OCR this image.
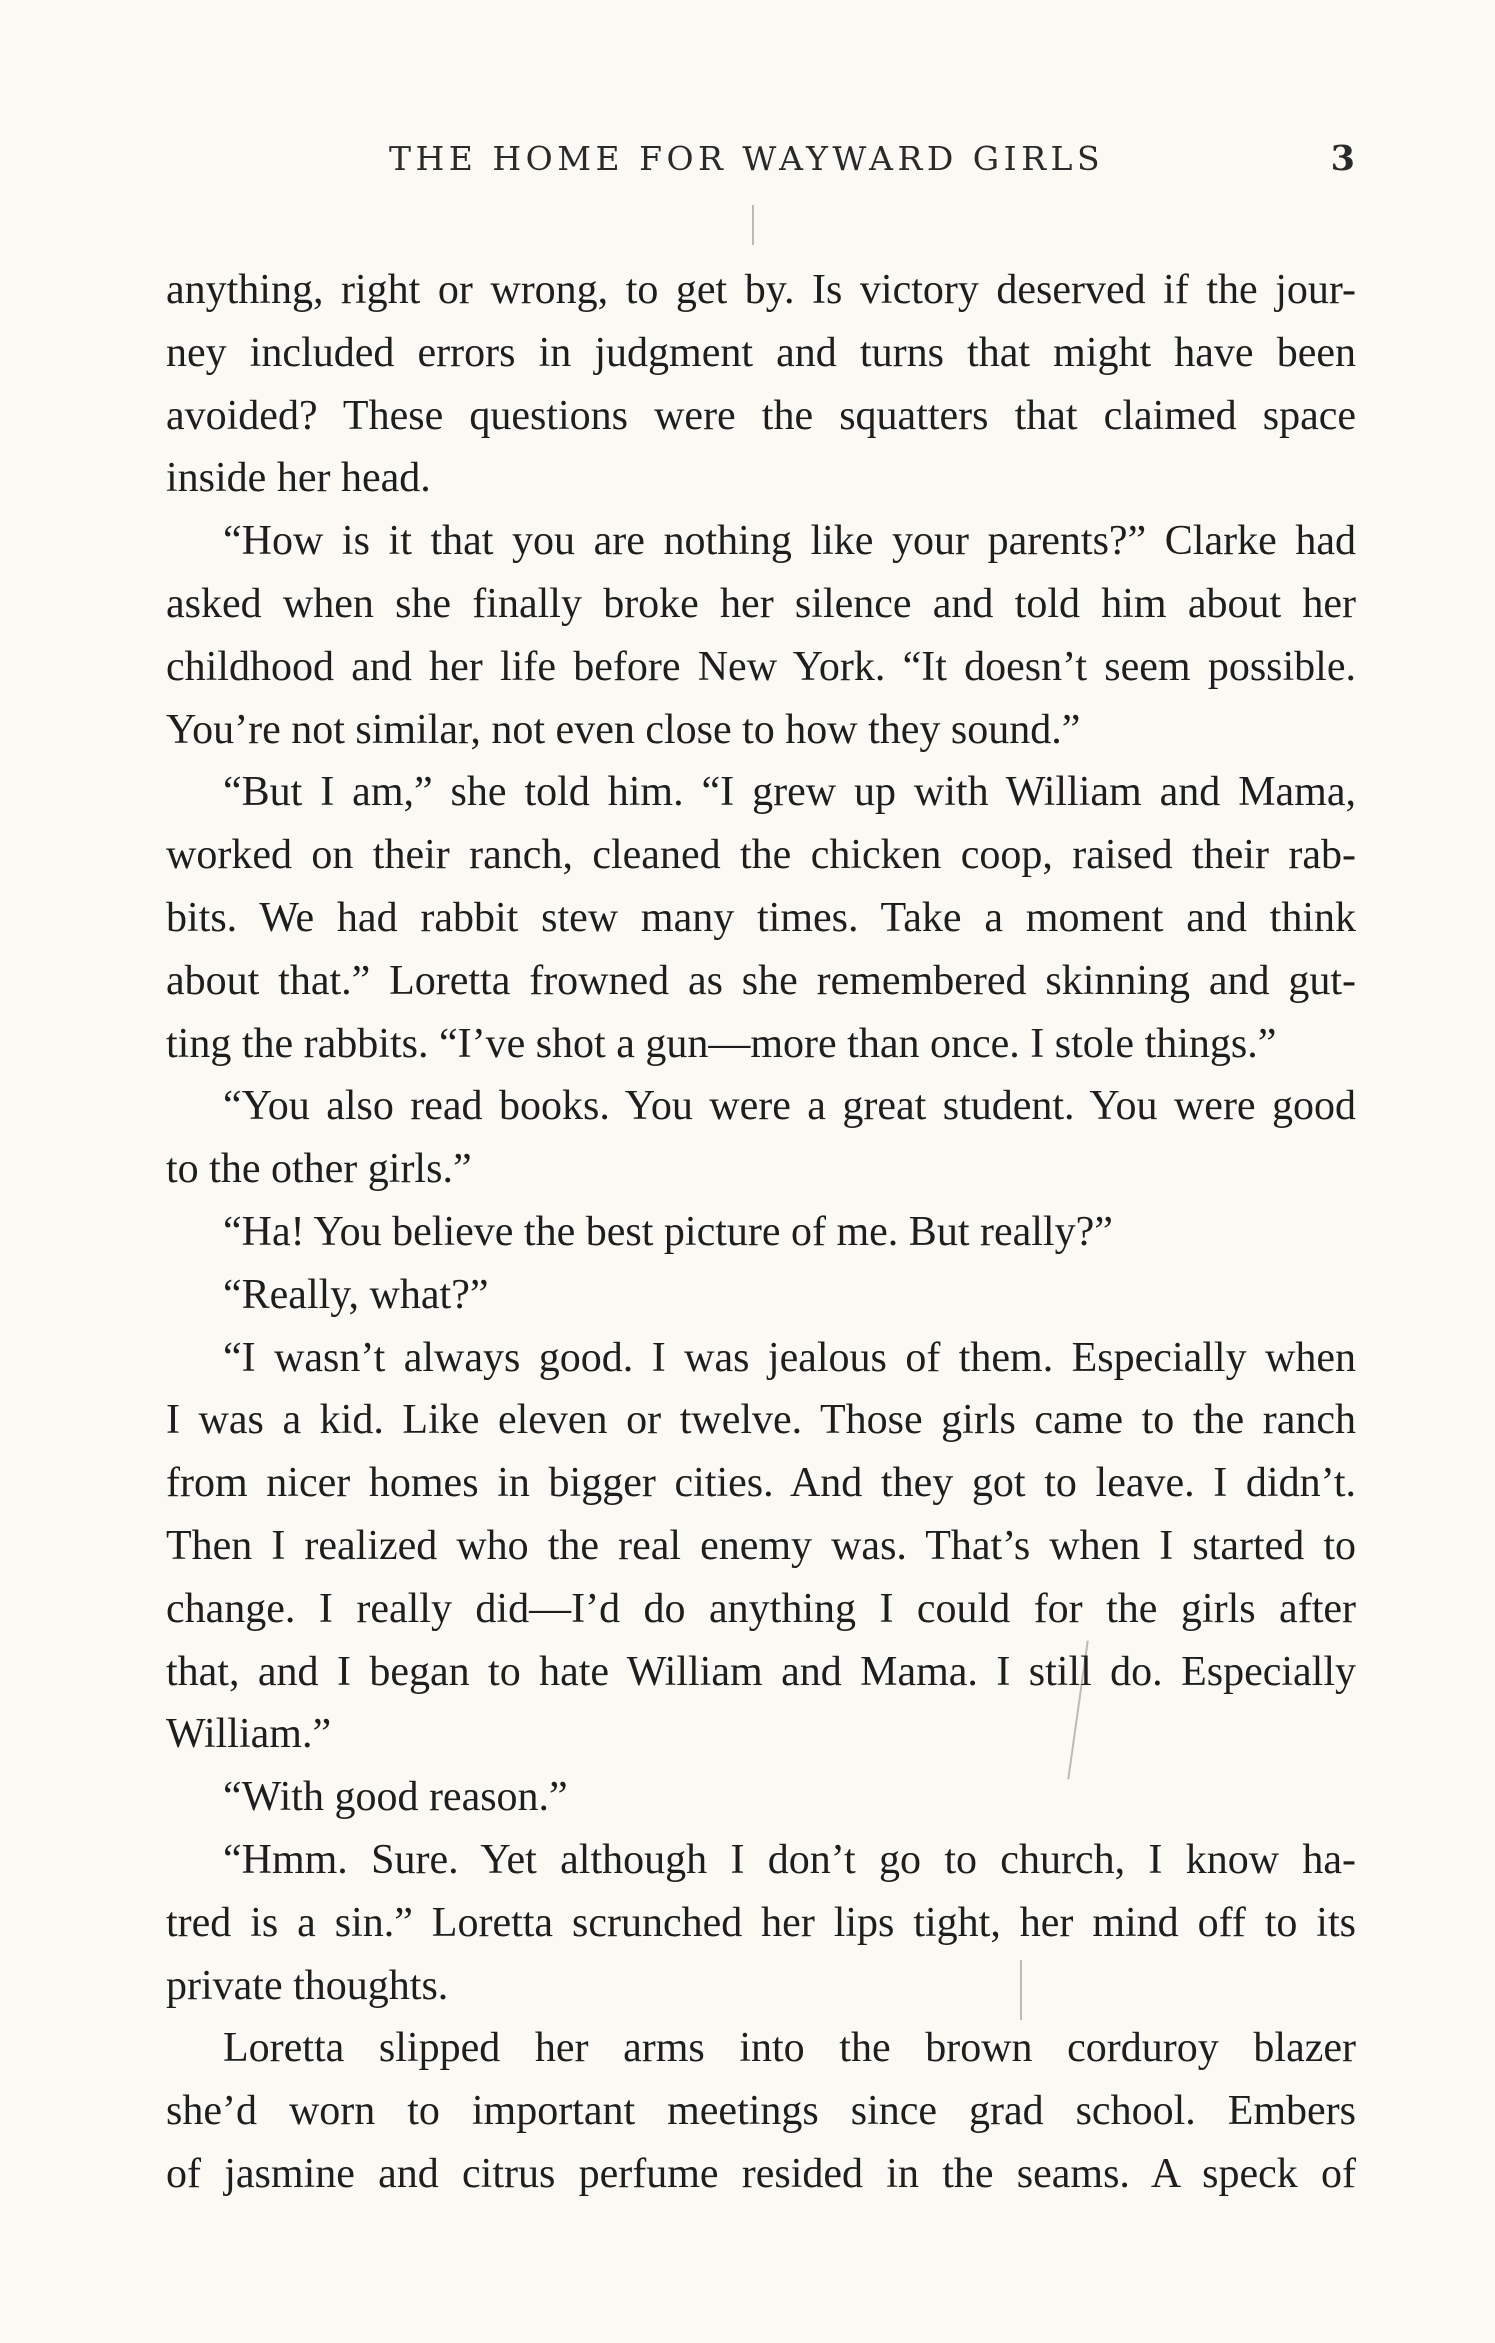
THE HOME FOR WAYWARD GIRLS	3
anything, right or wrong, to get by. Is victory deserved if the jour-
ney included errors in judgment and turns that might have been
avoided? These questions were the squatters that claimed space
inside her head.
“How is it that you are nothing like your parents?” Clarke had
asked when she finally broke her silence and told him about her
childhood and her life before New York. “It doesn’t seem possible.
You’re not similar, not even close to how they sound.”
“But I am,” she told him. “I grew up with William and Mama,
worked on their ranch, cleaned the chicken coop, raised their rab-
bits. We had rabbit stew many times. Take a moment and think
about that.” Loretta frowned as she remembered skinning and gut-
ting the rabbits. “I’ve shot a gun—more than once. I stole things.”
“You also read books. You were a great student. You were good
to the other girls.”
“Ha! You believe the best picture of me. But really?”
“Really, what?”
“I wasn’t always good. I was jealous of them. Especially when
I was a kid. Like eleven or twelve. Those girls came to the ranch
from nicer homes in bigger cities. And they got to leave. I didn’t.
Then I realized who the real enemy was. That’s when I started to
change. I really did—I’d do anything I could for the girls after
that, and I began to hate William and Mama. I still do. Especially
William.”
“With good reason.”
“Hmm. Sure. Yet although I don’t go to church, I know ha-
tred is a sin.” Loretta scrunched her lips tight, her mind off to its
private thoughts.
Loretta slipped her arms into the brown corduroy blazer
she’d worn to important meetings since grad school. Embers
of jasmine and citrus perfume resided in the seams. A speck of
